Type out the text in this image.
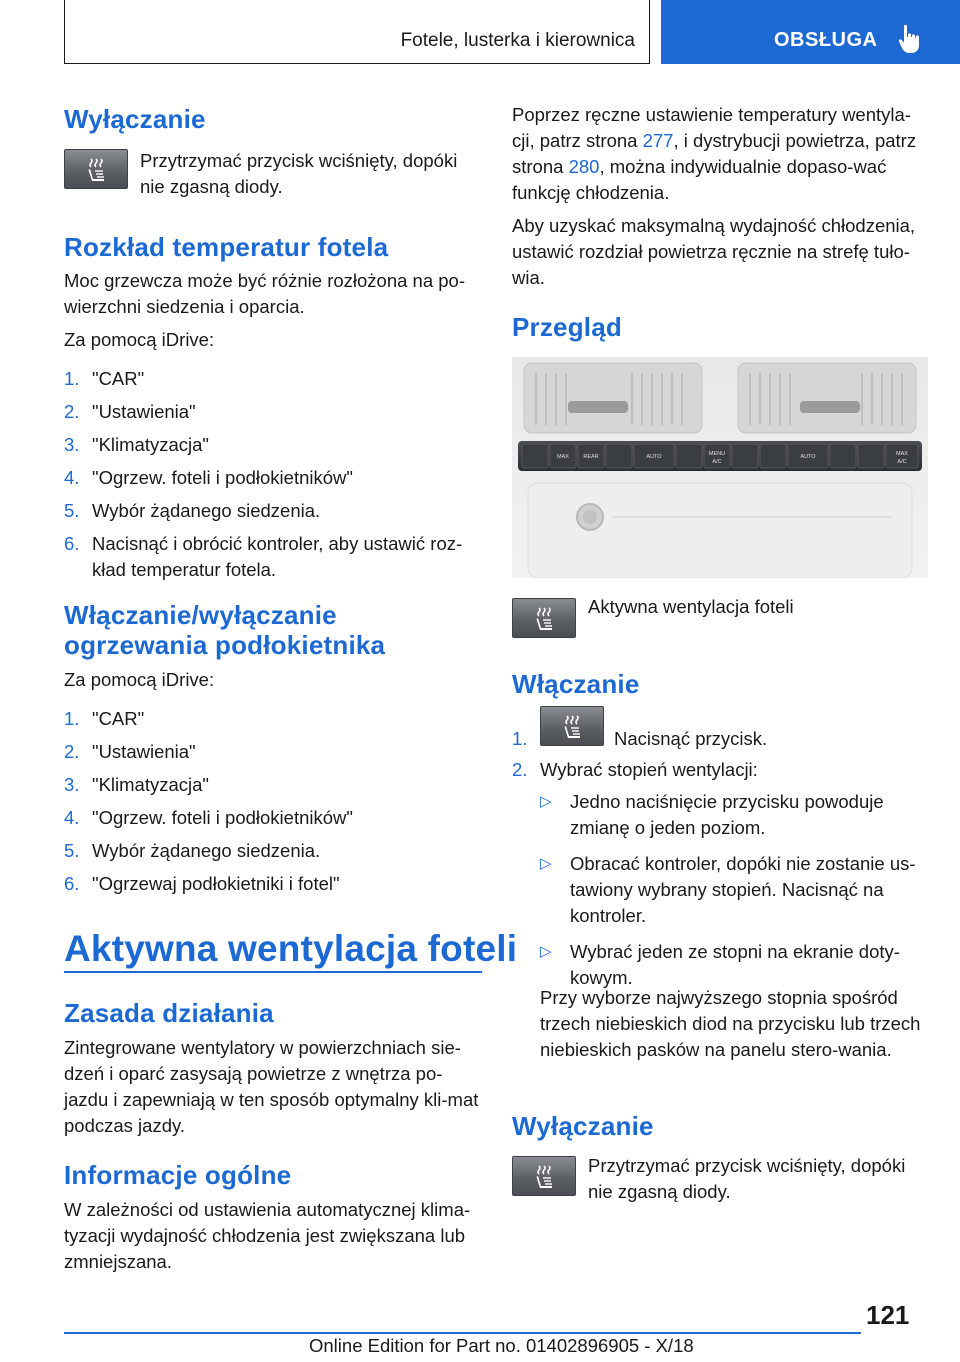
Fotele, lusterka i kierownica	OBSŁUGA
Wyłączanie
Przytrzymać przycisk wciśnięty, dopóki nie zgasną diody.
Rozkład temperatur fotela
Moc grzewcza może być różnie rozłożona na po-wierzchni siedzenia i oparcia.
Za pomocą iDrive:
1. "CAR"
2. "Ustawienia"
3. "Klimatyzacja"
4. "Ogrzew. foteli i podłokietników"
5. Wybór żądanego siedzenia.
6. Nacisnąć i obrócić kontroler, aby ustawić roz-kład temperatur fotela.
Włączanie/wyłączanie ogrzewania podłokietnika
Za pomocą iDrive:
1. "CAR"
2. "Ustawienia"
3. "Klimatyzacja"
4. "Ogrzew. foteli i podłokietników"
5. Wybór żądanego siedzenia.
6. "Ogrzewaj podłokietniki i fotel"
Aktywna wentylacja foteli
Zasada działania
Zintegrowane wentylatory w powierzchniach sie-dzeń i oparć zasysają powietrze z wnętrza po-jazdu i zapewniają w ten sposób optymalny kli-mat podczas jazdy.
Informacje ogólne
W zależności od ustawienia automatycznej klima-tyzacji wydajność chłodzenia jest zwiększana lub zmniejszana.
Poprzez ręczne ustawienie temperatury wentyla-cji, patrz strona 277, i dystrybucji powietrza, patrz strona 280, można indywidualnie dopaso-wać funkcję chłodzenia.
Aby uzyskać maksymalną wydajność chłodzenia, ustawić rozdział powietrza ręcznie na strefę tuło-wia.
Przegląd
MAX	REAR	AUTO	MENU
A/C
AUTO	MAX
A/C
Aktywna wentylacja foteli
Włączanie
1.	Nacisnąć przycisk.
2. Wybrać stopień wentylacji:
▷ Jedno naciśnięcie przycisku powoduje zmianę o jeden poziom.
▷ Obracać kontroler, dopóki nie zostanie us-tawiony wybrany stopień. Nacisnąć na kontroler.
▷ Wybrać jeden ze stopni na ekranie doty-kowym.
Przy wyborze najwyższego stopnia spośród trzech niebieskich diod na przycisku lub trzech niebieskich pasków na panelu stero-wania.
Wyłączanie
Przytrzymać przycisk wciśnięty, dopóki nie zgasną diody.
121
Online Edition for Part no. 01402896905 - X/18
